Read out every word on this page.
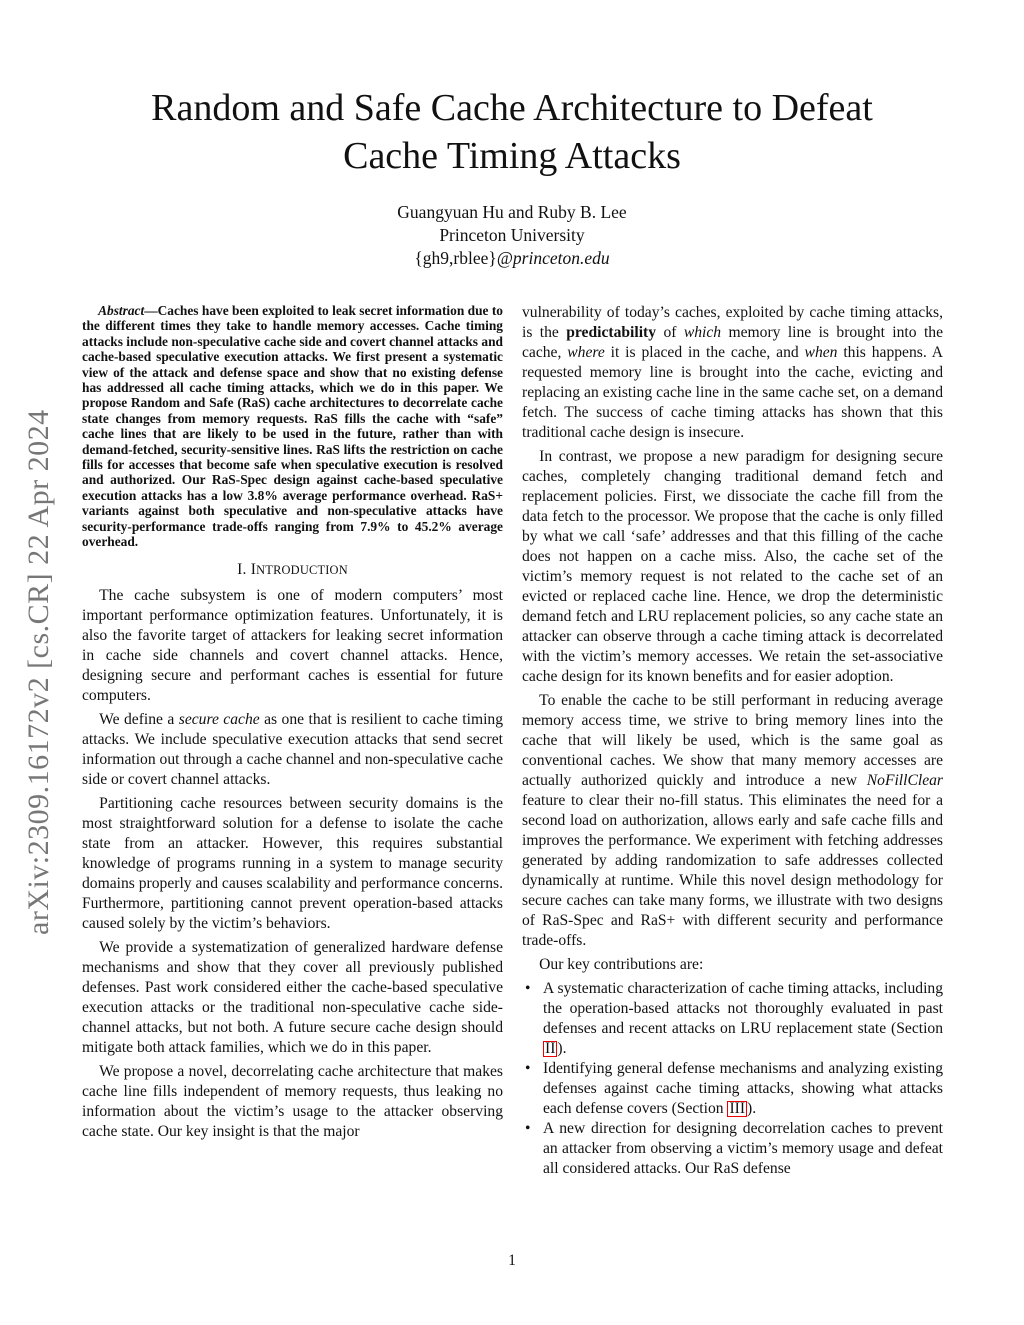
arXiv:2309.16172v2 [cs.CR] 22 Apr 2024
Random and Safe Cache Architecture to Defeat
Cache Timing Attacks
Guangyuan Hu and Ruby B. Lee
Princeton University
{gh9,rblee}@princeton.edu

Abstract—Caches have been exploited to leak secret information due to the different times they take to handle memory accesses. Cache timing attacks include non-speculative cache side and covert channel attacks and cache-based speculative execution attacks. We first present a systematic view of the attack and defense space and show that no existing defense has addressed all cache timing attacks, which we do in this paper. We propose Random and Safe (RaS) cache architectures to decorrelate cache state changes from memory requests. RaS fills the cache with “safe” cache lines that are likely to be used in the future, rather than with demand-fetched, security-sensitive lines. RaS lifts the restriction on cache fills for accesses that become safe when speculative execution is resolved and authorized. Our RaS-Spec design against cache-based speculative execution attacks has a low 3.8% average performance overhead. RaS+ variants against both speculative and non-speculative attacks have security-performance trade-offs ranging from 7.9% to 45.2% average overhead.

I. INTRODUCTION

The cache subsystem is one of modern computers’ most important performance optimization features. Unfortunately, it is also the favorite target of attackers for leaking secret information in cache side channels and covert channel attacks. Hence, designing secure and performant caches is essential for future computers.

We define a secure cache as one that is resilient to cache timing attacks. We include speculative execution attacks that send secret information out through a cache channel and non-speculative cache side or covert channel attacks.

Partitioning cache resources between security domains is the most straightforward solution for a defense to isolate the cache state from an attacker. However, this requires substantial knowledge of programs running in a system to manage security domains properly and causes scalability and performance concerns. Furthermore, partitioning cannot prevent operation-based attacks caused solely by the victim’s behaviors.

We provide a systematization of generalized hardware defense mechanisms and show that they cover all previously published defenses. Past work considered either the cache-based speculative execution attacks or the traditional non-speculative cache side-channel attacks, but not both. A future secure cache design should mitigate both attack families, which we do in this paper.

We propose a novel, decorrelating cache architecture that makes cache line fills independent of memory requests, thus leaking no information about the victim’s usage to the attacker observing cache state. Our key insight is that the major

vulnerability of today’s caches, exploited by cache timing attacks, is the predictability of which memory line is brought into the cache, where it is placed in the cache, and when this happens. A requested memory line is brought into the cache, evicting and replacing an existing cache line in the same cache set, on a demand fetch. The success of cache timing attacks has shown that this traditional cache design is insecure.

In contrast, we propose a new paradigm for designing secure caches, completely changing traditional demand fetch and replacement policies. First, we dissociate the cache fill from the data fetch to the processor. We propose that the cache is only filled by what we call ‘safe’ addresses and that this filling of the cache does not happen on a cache miss. Also, the cache set of the victim’s memory request is not related to the cache set of an evicted or replaced cache line. Hence, we drop the deterministic demand fetch and LRU replacement policies, so any cache state an attacker can observe through a cache timing attack is decorrelated with the victim’s memory accesses. We retain the set-associative cache design for its known benefits and for easier adoption.

To enable the cache to be still performant in reducing average memory access time, we strive to bring memory lines into the cache that will likely be used, which is the same goal as conventional caches. We show that many memory accesses are actually authorized quickly and introduce a new NoFillClear feature to clear their no-fill status. This eliminates the need for a second load on authorization, allows early and safe cache fills and improves the performance. We experiment with fetching addresses generated by adding randomization to safe addresses collected dynamically at runtime. While this novel design methodology for secure caches can take many forms, we illustrate with two designs of RaS-Spec and RaS+ with different security and performance trade-offs.

Our key contributions are:

• A systematic characterization of cache timing attacks, including the operation-based attacks not thoroughly evaluated in past defenses and recent attacks on LRU replacement state (Section II ).
• Identifying general defense mechanisms and analyzing existing defenses against cache timing attacks, showing what attacks each defense covers (Section III ).
• A new direction for designing decorrelation caches to prevent an attacker from observing a victim’s memory usage and defeat all considered attacks. Our RaS defense
1
